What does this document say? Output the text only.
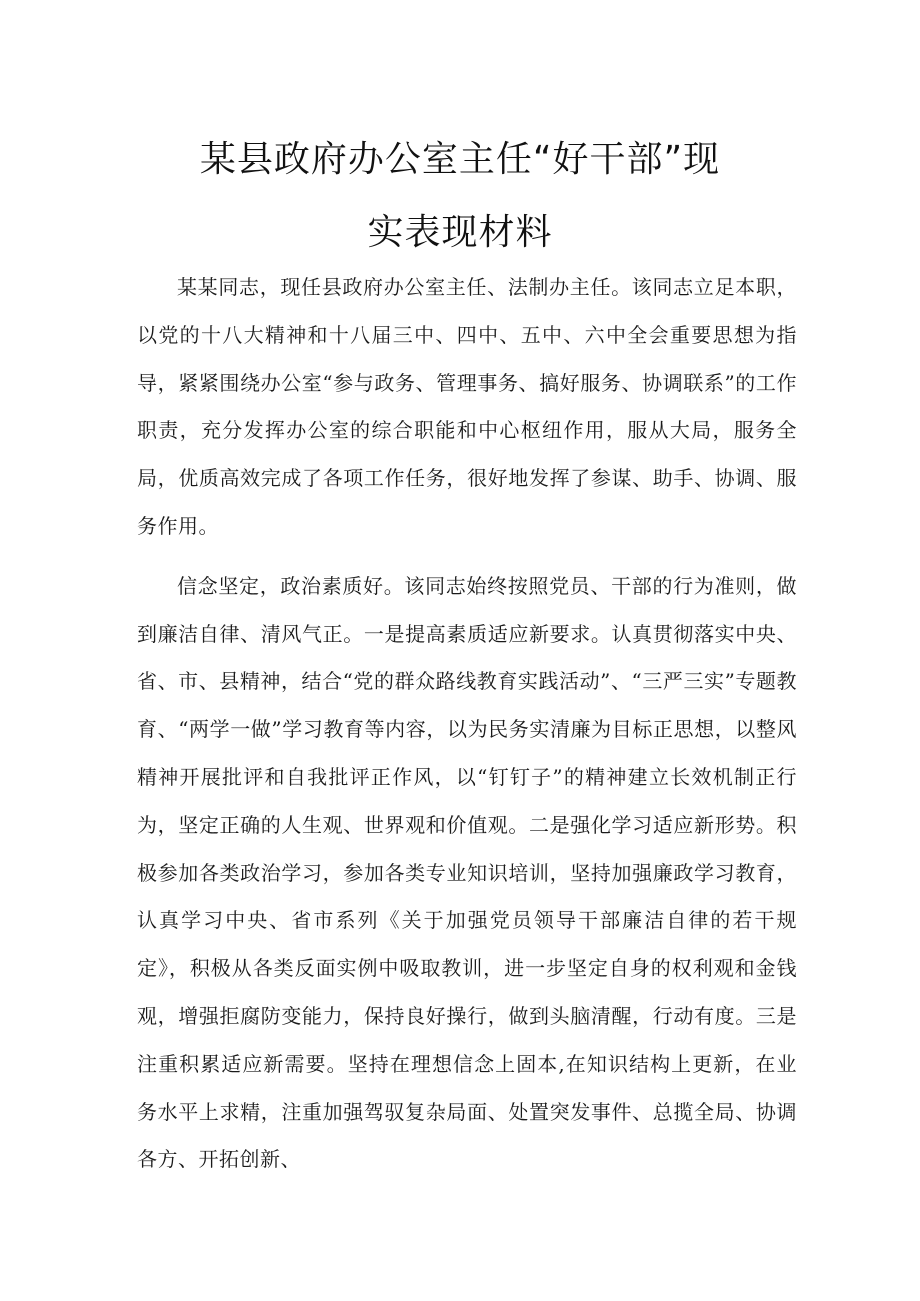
某县政府办公室主任“好干部”现
实表现材料

某某同志，现任县政府办公室主任、法制办主任。该同志立足本职，以党的十八大精神和十八届三中、四中、五中、六中全会重要思想为指导，紧紧围绕办公室“参与政务、管理事务、搞好服务、协调联系”的工作职责，充分发挥办公室的综合职能和中心枢纽作用，服从大局，服务全局，优质高效完成了各项工作任务，很好地发挥了参谋、助手、协调、服务作用。

信念坚定，政治素质好。该同志始终按照党员、干部的行为准则，做到廉洁自律、清风气正。一是提高素质适应新要求。认真贯彻落实中央、省、市、县精神，结合“党的群众路线教育实践活动”、“三严三实”专题教育、“两学一做”学习教育等内容，以为民务实清廉为目标正思想，以整风精神开展批评和自我批评正作风，以“钉钉子”的精神建立长效机制正行为，坚定正确的人生观、世界观和价值观。二是强化学习适应新形势。积极参加各类政治学习，参加各类专业知识培训，坚持加强廉政学习教育，认真学习中央、省市系列《关于加强党员领导干部廉洁自律的若干规定》，积极从各类反面实例中吸取教训，进一步坚定自身的权利观和金钱观，增强拒腐防变能力，保持良好操行，做到头脑清醒，行动有度。三是注重积累适应新需要。坚持在理想信念上固本,在知识结构上更新，在业务水平上求精，注重加强驾驭复杂局面、处置突发事件、总揽全局、协调各方、开拓创新、
